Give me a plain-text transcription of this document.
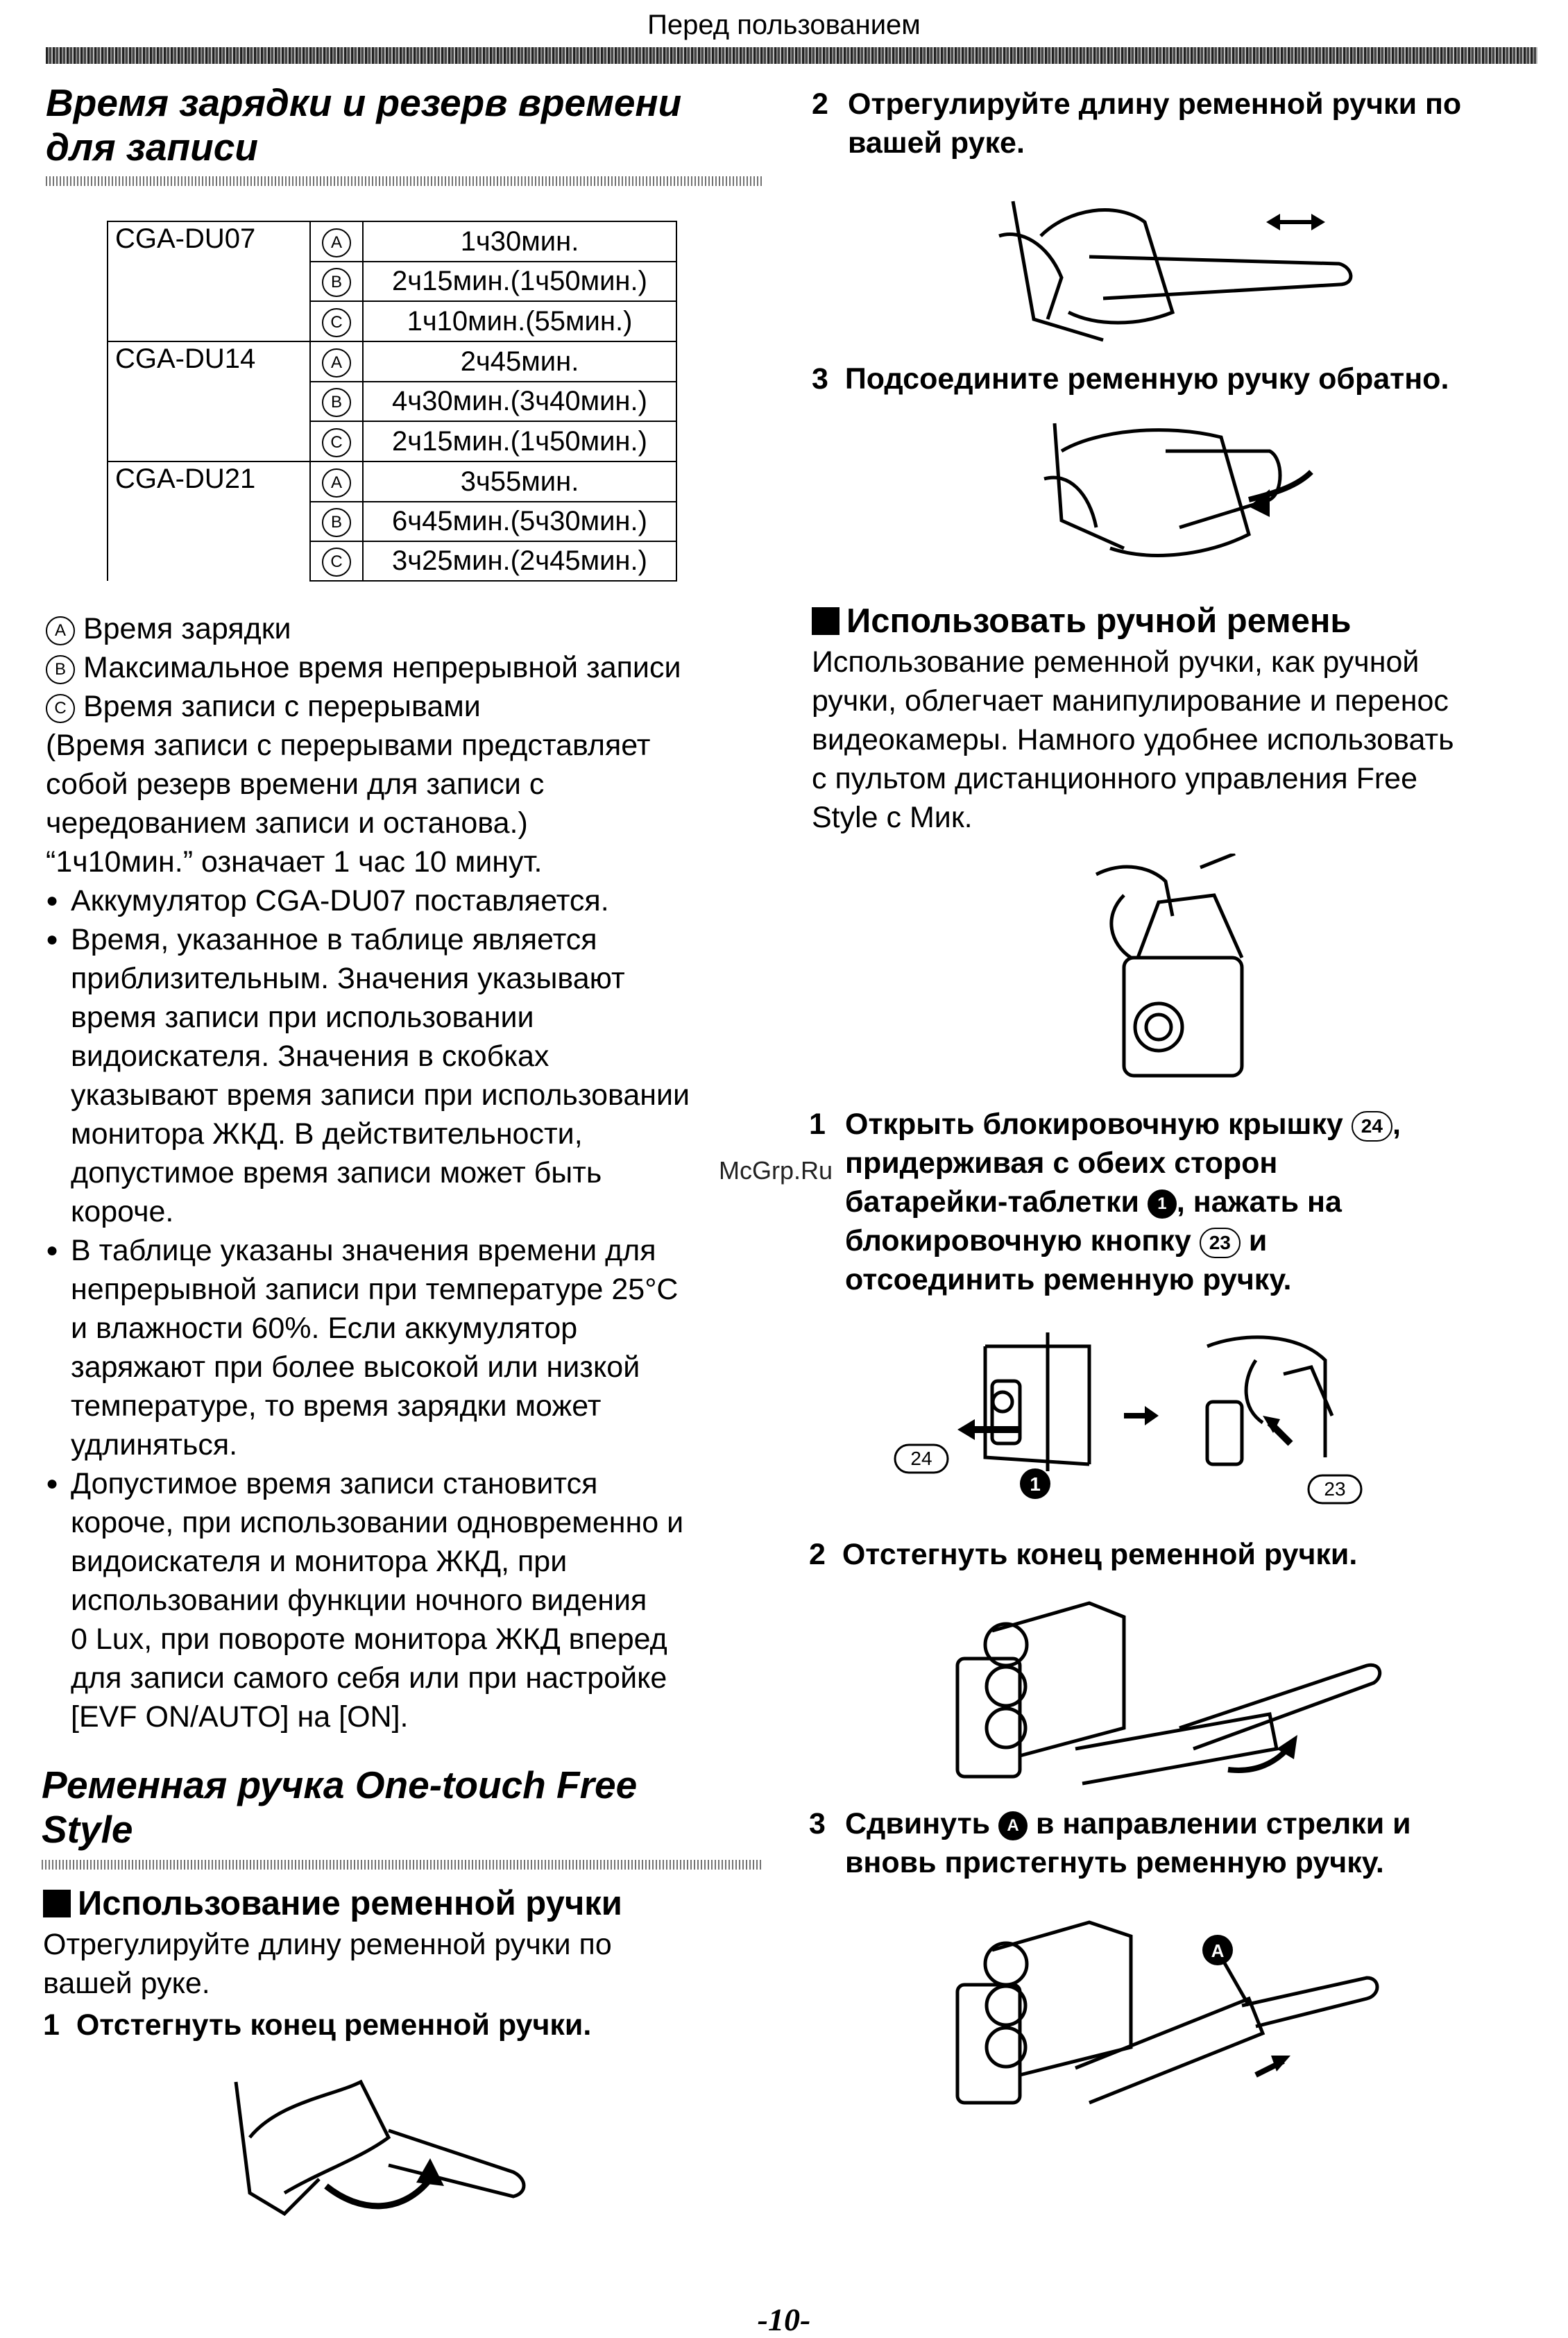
Перед пользованием
Время зарядки и резерв времени
для записи
CGA-DU07	A	1ч30мин.
	B	2ч15мин.(1ч50мин.)
	C	1ч10мин.(55мин.)
CGA-DU14	A	2ч45мин.
	B	4ч30мин.(3ч40мин.)
	C	2ч15мин.(1ч50мин.)
CGA-DU21	A	3ч55мин.
	B	6ч45мин.(5ч30мин.)
	C	3ч25мин.(2ч45мин.)
A Время зарядки
B Максимальное время непрерывной записи
C Время записи с перерывами
(Время записи с перерывами представляет
собой резерв времени для записи с
чередованием записи и останова.)
“1ч10мин.” означает 1 час 10 минут.
● Аккумулятор CGA-DU07 поставляется.
● Время, указанное в таблице является
приблизительным. Значения указывают
время записи при использовании
видоискателя. Значения в скобках
указывают время записи при использовании
монитора ЖКД. В действительности,
допустимое время записи может быть
короче.
● В таблице указаны значения времени для
непрерывной записи при температуре 25°C
и влажности 60%. Если аккумулятор
заряжают при более высокой или низкой
температуре, то время зарядки может
удлиняться.
● Допустимое время записи становится
короче, при использовании одновременно и
видоискателя и монитора ЖКД, при
использовании функции ночного видения
0 Lux, при повороте монитора ЖКД вперед
для записи самого себя или при настройке
[EVF ON/AUTO] на [ON].
Ременная ручка One-touch Free
Style
Использование ременной ручки
Отрегулируйте длину ременной ручки по
вашей руке.
1 Отстегнуть конец ременной ручки.
2 Отрегулируйте длину ременной ручки по
вашей руке.
3 Подсоедините ременную ручку обратно.
Использовать ручной ремень
Использование ременной ручки, как ручной
ручки, облегчает манипулирование и перенос
видеокамеры. Намного удобнее использовать
с пультом дистанционного управления Free
Style с Мик.
1 Открыть блокировочную крышку 24 ,
придерживая с обеих сторон
батарейки-таблетки 1 , нажать на
блокировочную кнопку 23 и
отсоединить ременную ручку.
24
1	23
2 Отстегнуть конец ременной ручки.
3 Сдвинуть A в направлении стрелки и
вновь пристегнуть ременную ручку.
A
McGrp.Ru
-10-
